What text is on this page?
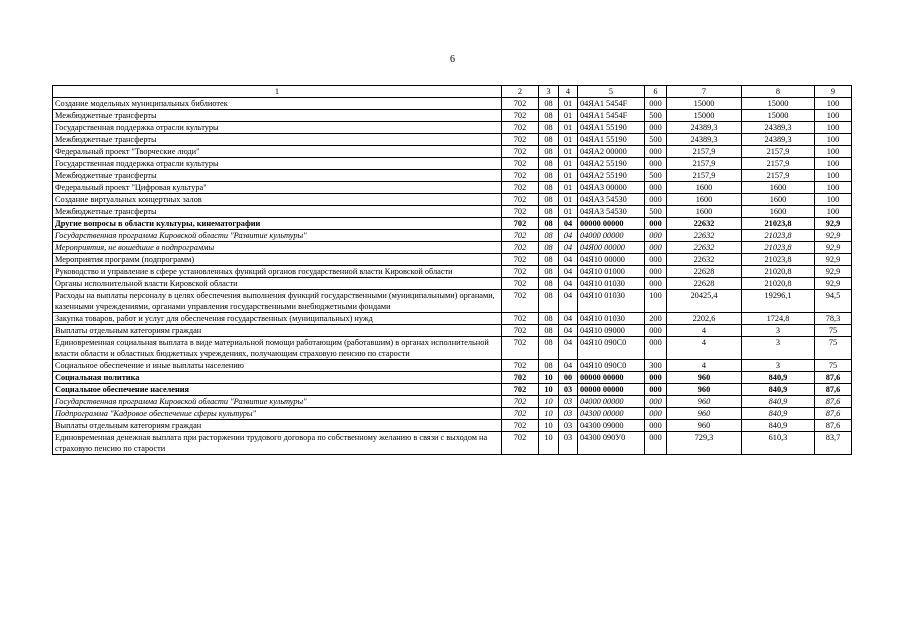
6
1	2	3	4	5	6	7	8	9
Создание модельных муниципальных библиотек	702	08	01	04ЯА1 5454F	000	15000	15000	100
Межбюджетные трансферты	702	08	01	04ЯА1 5454F	500	15000	15000	100
Государственная поддержка отрасли культуры	702	08	01	04ЯА1 55190	000	24389,3	24389,3	100
Межбюджетные трансферты	702	08	01	04ЯА1 55190	500	24389,3	24389,3	100
Федеральный проект "Творческие люди"	702	08	01	04ЯА2 00000	000	2157,9	2157,9	100
Государственная поддержка отрасли культуры	702	08	01	04ЯА2 55190	000	2157,9	2157,9	100
Межбюджетные трансферты	702	08	01	04ЯА2 55190	500	2157,9	2157,9	100
Федеральный проект "Цифровая культура"	702	08	01	04ЯА3 00000	000	1600	1600	100
Создание виртуальных концертных залов	702	08	01	04ЯА3 54530	000	1600	1600	100
Межбюджетные трансферты	702	08	01	04ЯА3 54530	500	1600	1600	100
Другие вопросы в области культуры, кинематографии	702	08	04	00000 00000	000	22632	21023,8	92,9
Государственная программа Кировской области "Развитие культуры"	702	08	04	04000 00000	000	22632	21023,8	92,9
Мероприятия, не вошедшие в подпрограммы	702	08	04	04Я00 00000	000	22632	21023,8	92,9
Мероприятия программ (подпрограмм)	702	08	04	04Я10 00000	000	22632	21023,8	92,9
Руководство и управление в сфере установленных функций органов государственной власти Кировской области	702	08	04	04Я10 01000	000	22628	21020,8	92,9
Органы исполнительной власти Кировской области	702	08	04	04Я10 01030	000	22628	21020,8	92,9
Расходы на выплаты персоналу в целях обеспечения выполнения функций государственными (муниципальными) органами, казенными учреждениями, органами управления государственными внебюджетными фондами	702	08	04	04Я10 01030	100	20425,4	19296,1	94,5
Закупка товаров, работ и услуг для обеспечения государственных (муниципальных) нужд	702	08	04	04Я10 01030	200	2202,6	1724,8	78,3
Выплаты отдельным категориям граждан	702	08	04	04Я10 09000	000	4	3	75
Единовременная социальная выплата в виде материальной помощи работающим (работавшим) в органах исполнительной власти области и областных бюджетных учреждениях, получающим страховую пенсию по старости	702	08	04	04Я10 090С0	000	4	3	75
Социальное обеспечение и иные выплаты населению	702	08	04	04Я10 090С0	300	4	3	75
Социальная политика	702	10	00	00000 00000	000	960	840,9	87,6
Социальное обеспечение населения	702	10	03	00000 00000	000	960	840,9	87,6
Государственная программа Кировской области "Развитие культуры"	702	10	03	04000 00000	000	960	840,9	87,6
Подпрограмма "Кадровое обеспечение сферы культуры"	702	10	03	04300 00000	000	960	840,9	87,6
Выплаты отдельным категориям граждан	702	10	03	04300 09000	000	960	840,9	87,6
Единовременная денежная выплата при расторжении трудового договора по собственному желанию в связи с выходом на страховую пенсию по старости	702	10	03	04300 090У0	000	729,3	610,3	83,7
